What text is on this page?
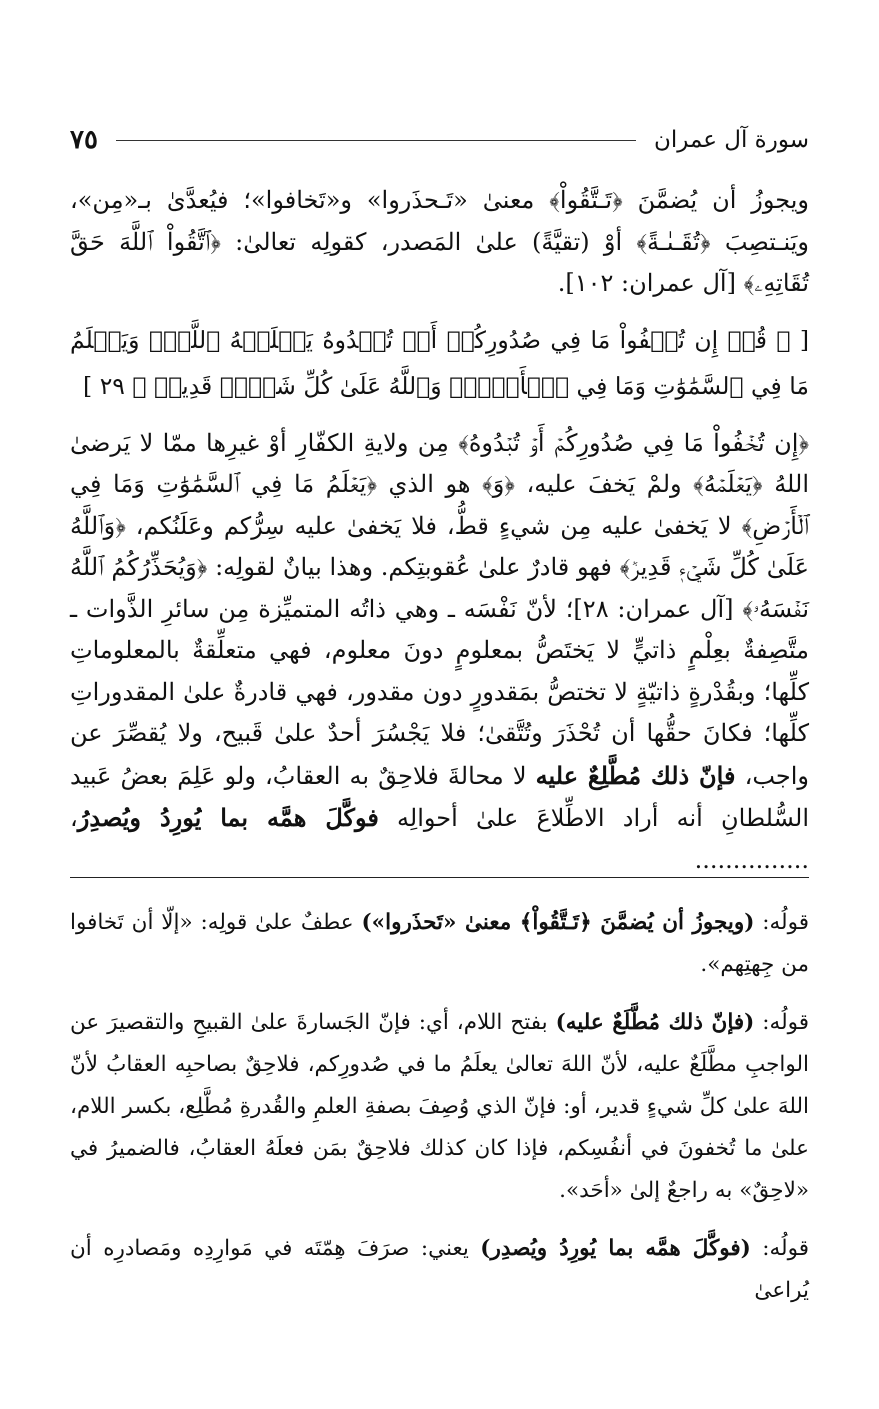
سورة آل عمران
٧٥

ويجوزُ أن يُضمَّنَ ﴿تَـتَّقُواْ﴾ معنىٰ «تَـحذَروا» و«تَخافوا»؛ فيُعدَّىٰ بـ«مِن»، ويَنـتصِبَ ﴿تُقَـىٰـةً﴾ أوْ (تقيَّةً) علىٰ المَصدر، كقولِه تعالىٰ: ﴿ٱتَّقُواْ ٱللَّهَ حَقَّ تُقَاتِهِۦ﴾ [آل عمران: ١٠٢].

[ ﴿ قُلۡ إِن تُخۡفُواْ مَا فِي صُدُورِكُمۡ أَوۡ تُبۡدُوهُ يَعۡلَمۡهُ ٱللَّهُۗ وَيَعۡلَمُ مَا فِي ٱلسَّمَٰوَٰتِ وَمَا فِي ٱلۡأَرۡضِۗ وَٱللَّهُ عَلَىٰ كُلِّ شَيۡءٖ قَدِيرٞ ﴾ ٢٩ ]

﴿إِن تُخۡفُواْ مَا فِي صُدُورِكُمۡ أَوۡ تُبۡدُوهُ﴾ مِن ولايةِ الكفّارِ أوْ غيرِها ممّا لا يَرضىٰ اللهُ ﴿يَعۡلَمۡهُ﴾ ولمْ يَخفَ عليه، ﴿وَ﴾ هو الذي ﴿يَعۡلَمُ مَا فِي ٱلسَّمَٰوَٰتِ وَمَا فِي ٱلۡأَرۡضِ﴾ لا يَخفىٰ عليه مِن شيءٍ قطُّ، فلا يَخفىٰ عليه سِرُّكم وعَلَنُكم، ﴿وَٱللَّهُ عَلَىٰ كُلِّ شَيۡءٖ قَدِيرٞ﴾ فهو قادرٌ علىٰ عُقوبتِكم. وهذا بيانٌ لقولِه: ﴿وَيُحَذِّرُكُمُ ٱللَّهُ نَفۡسَهُۥ﴾ [آل عمران: ٢٨]؛ لأنّ نَفْسَه ـ وهي ذاتُه المتميِّزة مِن سائرِ الذَّوات ـ متَّصِفةٌ بعِلْمٍ ذاتيٍّ لا يَختَصُّ بمعلومٍ دونَ معلوم، فهي متعلِّقةٌ بالمعلوماتِ كلِّها؛ وبقُدْرةٍ ذاتيّةٍ لا تختصُّ بمَقدورٍ دون مقدور، فهي قادرةٌ علىٰ المقدوراتِ كلِّها؛ فكانَ حقُّها أن تُحْذَرَ وتُتَّقىٰ؛ فلا يَجْسُرَ أحدٌ علىٰ قَبيح، ولا يُقصِّرَ عن واجب، فإنّ ذلك مُطَّلِعٌ عليه لا محالةَ فلاحِقٌ به العقابُ، ولو عَلِمَ بعضُ عَبيد السُّلطانِ أنه أراد الاطِّلاعَ علىٰ أحوالِه فوكَّلَ همَّه بما يُورِدُ ويُصدِرُ، ...............

قولُه: (ويجوزُ أن يُضمَّنَ ﴿تَـتَّقُواْ﴾ معنىٰ «تَحذَروا») عطفٌ علىٰ قولِه: «إلّا أن تَخافوا من جِهتِهم».

قولُه: (فإنّ ذلك مُطَّلَعٌ عليه) بفتح اللام، أي: فإنّ الجَسارةَ علىٰ القبيحِ والتقصيرَ عن الواجبِ مطَّلَعٌ عليه، لأنّ اللهَ تعالىٰ يعلَمُ ما في صُدورِكم، فلاحِقٌ بصاحبِه العقابُ لأنّ اللهَ علىٰ كلِّ شيءٍ قدير، أو: فإنّ الذي وُصِفَ بصفةِ العلمِ والقُدرةِ مُطَّلِع، بكسر اللام، علىٰ ما تُخفونَ في أنفُسِكم، فإذا كان كذلك فلاحِقٌ بمَن فعلَهُ العقابُ، فالضميرُ في «لاحِقٌ» به راجعٌ إلىٰ «أحَد».

قولُه: (فوكَّلَ همَّه بما يُورِدُ ويُصدِر) يعني: صرَفَ هِمّتَه في مَوارِدِه ومَصادرِه أن يُراعىٰ
